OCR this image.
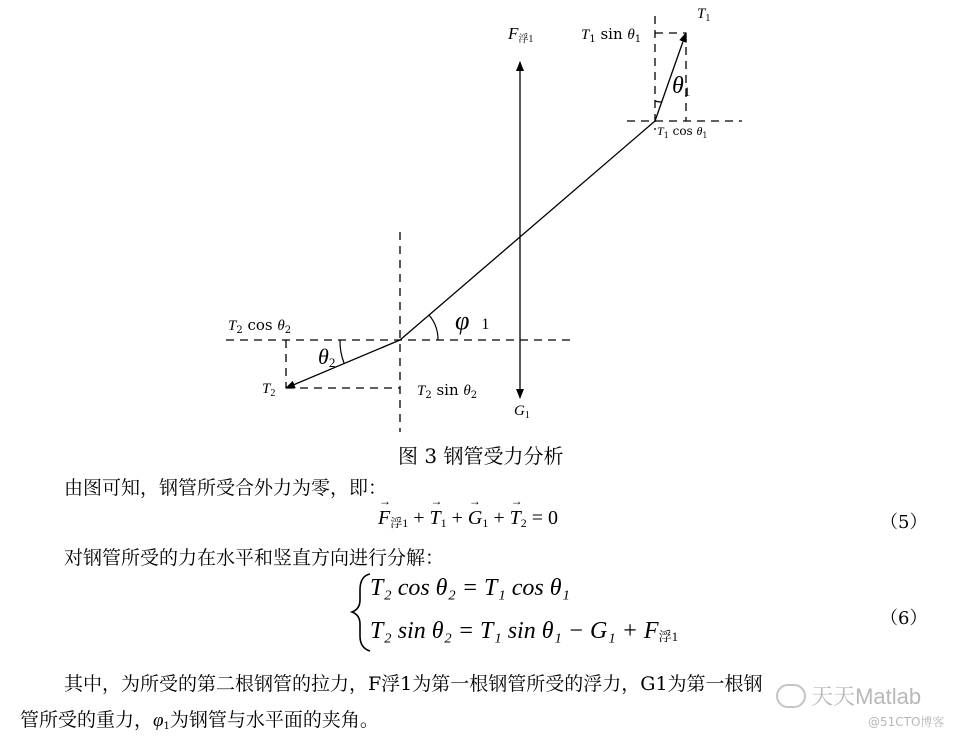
$F_{浮1}$
$T_1$
$T_1$ $\sin \theta_1$
$\theta_1$
$T_1$ $\cos \theta_1$
φ 1
$T_2$ $\cos \theta_2$
$\theta_2$
$T_2$	$T_2$ $\sin \theta_2$
$G_1$
图 3 钢管受力分析
由图可知，钢管所受合外力为零，即：
→ $F_{浮1}$ + → $T_1$ + → $G_1$ + → $T_2 = 0$	（5）
对钢管所受的力在水平和竖直方向进行分解：
T₂ cos θ₂ = T₁ cos θ₁
T₂ sin θ₂ = T₁ $\sin \theta_1 - G_1 + F_{浮1}$
（6）
其中，为所受的第二根钢管的拉力，F浮1为第一根钢管所受的浮力，G1为第一根钢
管所受的重力，$\varphi_1$为钢管与水平面的夹角。
天天Matlab
@51CTO博客
